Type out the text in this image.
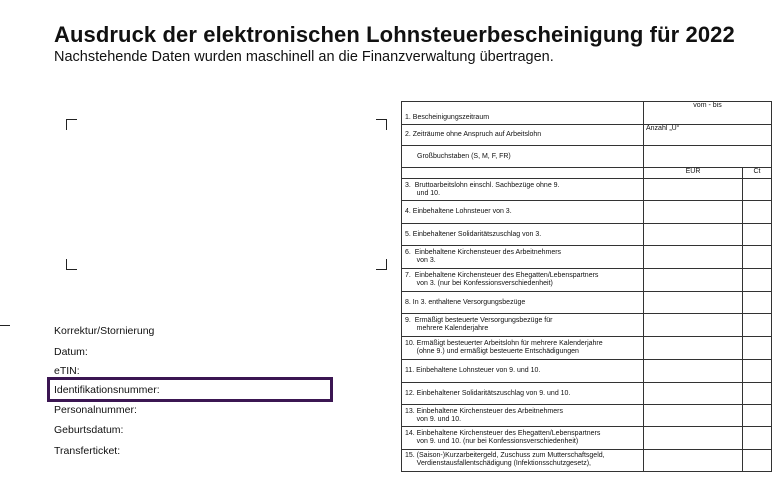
Ausdruck der elektronischen Lohnsteuerbescheinigung für 2022
Nachstehende Daten wurden maschinell an die Finanzverwaltung übertragen.
Korrektur/Stornierung
Datum:
eTIN:
Identifikationsnummer:
Personalnummer:
Geburtsdatum:
Transferticket:
1. Bescheinigungszeitraum	vom - bis	
2. Zeiträume ohne Anspruch auf Arbeitslohn	Anzahl „U“	
Großbuchstaben (S, M, F, FR)		
	EUR	Ct
3.  Bruttoarbeitslohn einschl. Sachbezüge ohne 9.
und 10.		
4. Einbehaltene Lohnsteuer von 3.		
5. Einbehaltener Solidaritätszuschlag von 3.		
6.  Einbehaltene Kirchensteuer des Arbeitnehmers
von 3.		
7.  Einbehaltene Kirchensteuer des Ehegatten/Lebenspartners
von 3. (nur bei Konfessionsverschiedenheit)		
8. In 3. enthaltene Versorgungsbezüge		
9.  Ermäßigt besteuerte Versorgungsbezüge für
mehrere Kalenderjahre		
10. Ermäßigt besteuerter Arbeitslohn für mehrere Kalenderjahre
(ohne 9.) und ermäßigt besteuerte Entschädigungen		
11. Einbehaltene Lohnsteuer von 9. und 10.		
12. Einbehaltener Solidaritätszuschlag von 9. und 10.		
13. Einbehaltene Kirchensteuer des Arbeitnehmers
von 9. und 10.		
14. Einbehaltene Kirchensteuer des Ehegatten/Lebenspartners
von 9. und 10. (nur bei Konfessionsverschiedenheit)		
15. (Saison-)Kurzarbeitergeld, Zuschuss zum Mutterschaftsgeld,
Verdienstausfallentschädigung (Infektionsschutzgesetz),		
